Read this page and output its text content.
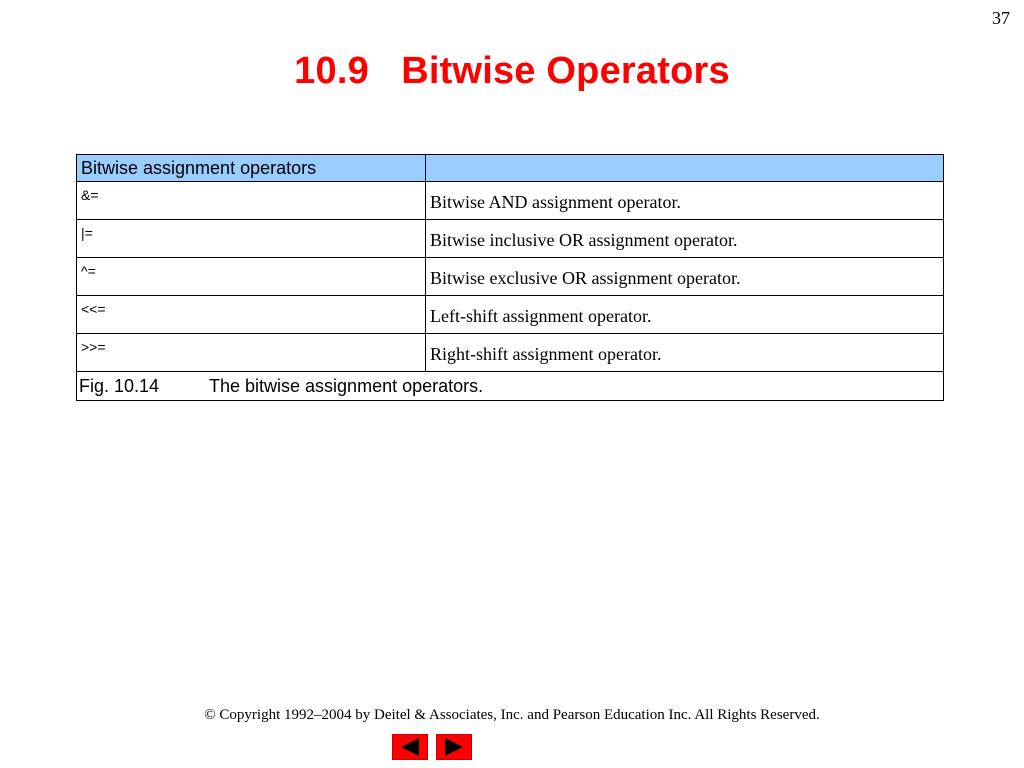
37
10.9   Bitwise Operators
Bitwise assignment operators	
&=	Bitwise AND assignment operator.
|=	Bitwise inclusive OR assignment operator.
^=	Bitwise exclusive OR assignment operator.
<<=	Left-shift assignment operator.
>>=	Right-shift assignment operator.
Fig. 10.14 The bitwise assignment operators.	
© Copyright 1992–2004 by Deitel & Associates, Inc. and Pearson Education Inc. All Rights Reserved.
